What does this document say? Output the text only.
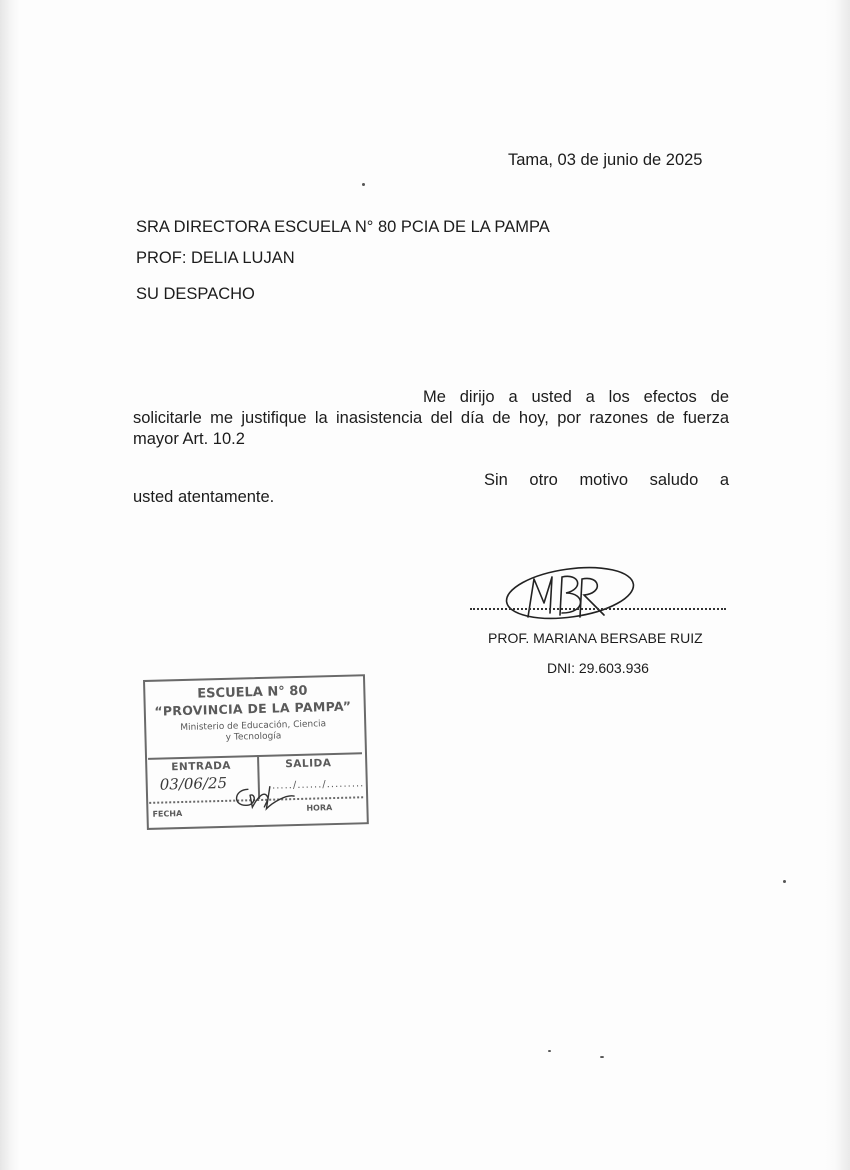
Tama, 03 de junio de 2025
SRA DIRECTORA ESCUELA N° 80 PCIA DE LA PAMPA
PROF: DELIA LUJAN
SU DESPACHO
Me dirijo a usted a los efectos de solicitarle me justifique la inasistencia del día de hoy, por razones de fuerza mayor Art. 10.2
Sin otro motivo saludo a
usted atentamente.
PROF. MARIANA BERSABE RUIZ
DNI: 29.603.936
ESCUELA N° 80
“PROVINCIA DE LA PAMPA”
Ministerio de Educación, Ciencia
y Tecnología
ENTRADA	SALIDA
03/06/25	....../....../.........
FECHA
HORA
